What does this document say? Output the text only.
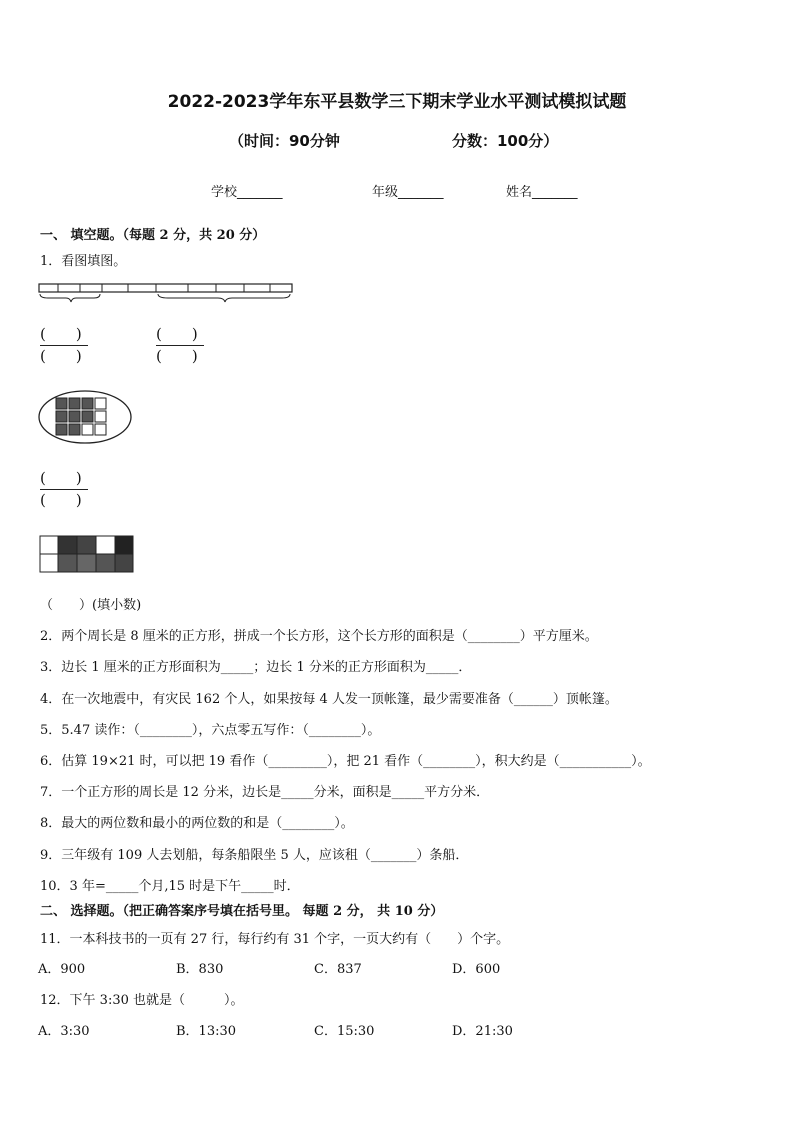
2022-2023学年东平县数学三下期末学业水平测试模拟试题
（时间：90分钟	分数：100分）
学校_______	年级_______	姓名_______
一、 填空题。（每题 2 分，共 20 分）
1．看图填图。
(　　)
(　　)
(　　)
(　　)
(　　)
(　　)
（　　）(填小数)
2．两个周长是 8 厘米的正方形，拼成一个长方形，这个长方形的面积是（________）平方厘米。
3．边长 1 厘米的正方形面积为_____；边长 1 分米的正方形面积为_____．
4．在一次地震中，有灾民 162 个人，如果按每 4 人发一顶帐篷，最少需要准备（______）顶帐篷。
5．5.47 读作：（________），六点零五写作：（________）。
6．估算 19×21 时，可以把 19 看作（_________），把 21 看作（________），积大约是（___________）。
7．一个正方形的周长是 12 分米，边长是_____分米，面积是_____平方分米．
8．最大的两位数和最小的两位数的和是（________）。
9．三年级有 109 人去划船，每条船限坐 5 人，应该租（_______）条船．
10．3 年=_____个月,15 时是下午_____时．
二、 选择题。（把正确答案序号填在括号里。 每题 2 分， 共 10 分）
11．一本科技书的一页有 27 行，每行约有 31 个字，一页大约有（　　）个字。
A．900	B．830	C．837	D．600
12．下午 3:30 也就是（　　　）。
A．3:30	B．13:30	C．15:30	D．21:30
